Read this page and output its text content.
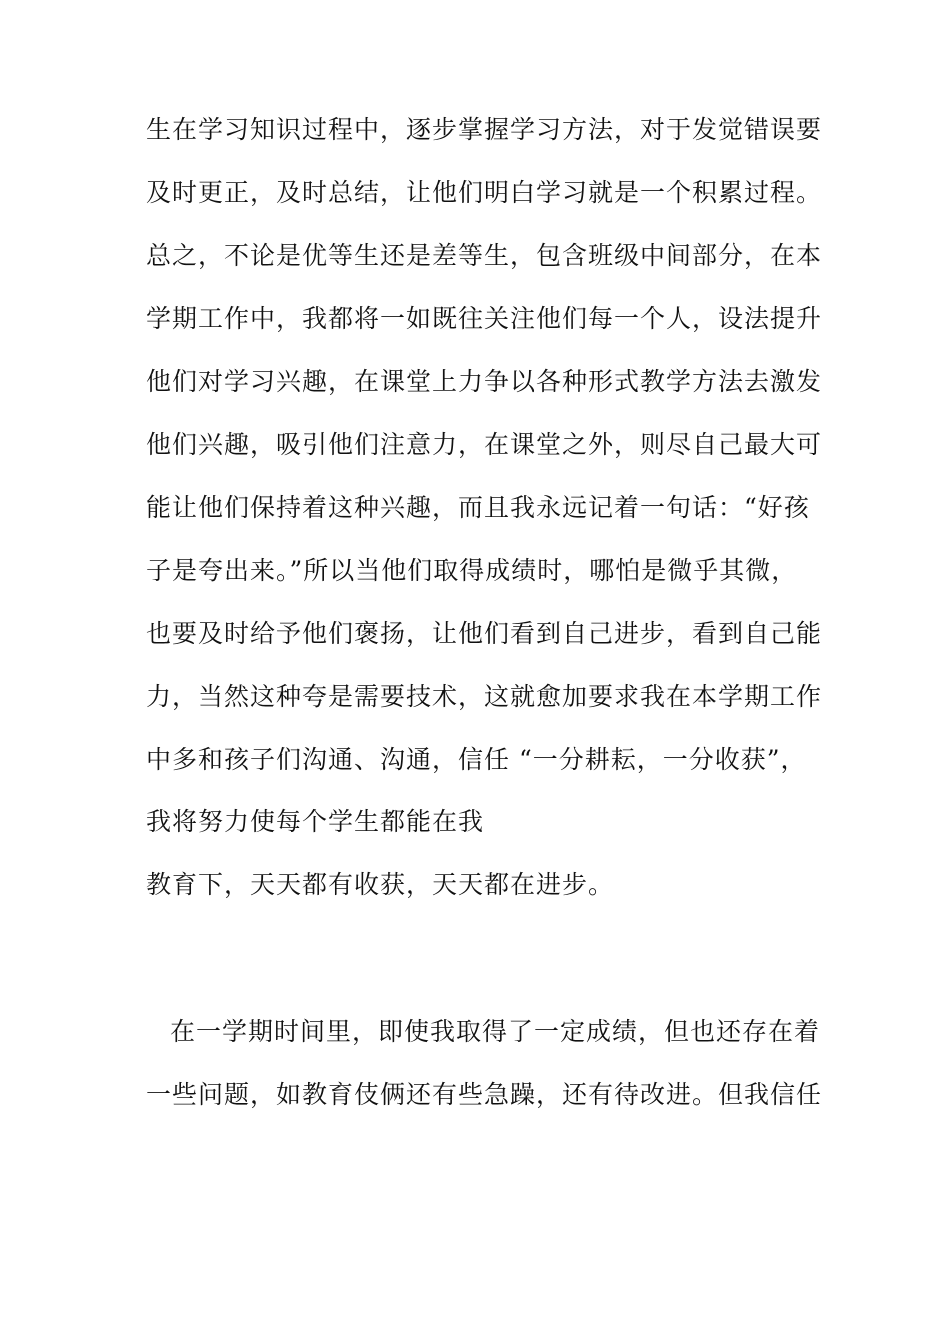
生在学习知识过程中，逐步掌握学习方法，对于发觉错误要
及时更正，及时总结，让他们明白学习就是一个积累过程。
总之，不论是优等生还是差等生，包含班级中间部分，在本
学期工作中，我都将一如既往关注他们每一个人，设法提升
他们对学习兴趣，在课堂上力争以各种形式教学方法去激发
他们兴趣，吸引他们注意力，在课堂之外，则尽自己最大可
能让他们保持着这种兴趣，而且我永远记着一句话：“好孩
子是夸出来。”所以当他们取得成绩时，哪怕是微乎其微，
也要及时给予他们褒扬，让他们看到自己进步，看到自己能
力，当然这种夸是需要技术，这就愈加要求我在本学期工作
中多和孩子们沟通、沟通，信任 “一分耕耘，一分收获”，
我将努力使每个学生都能在我
教育下，天天都有收获，天天都在进步。
在一学期时间里，即使我取得了一定成绩，但也还存在着
一些问题，如教育伎俩还有些急躁，还有待改进。但我信任
